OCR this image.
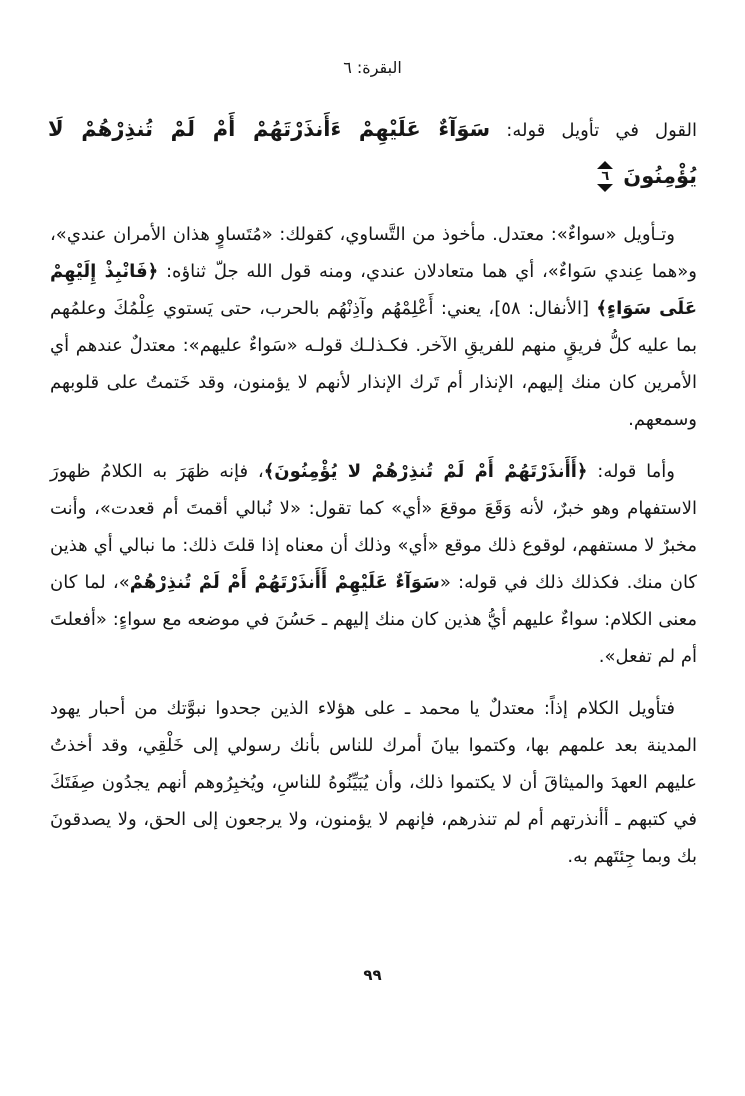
البقرة: ٦
القول في تأويل قوله: سَوَآءٌ عَلَيْهِمْ ءَأَنذَرْتَهُمْ أَمْ لَمْ تُنذِرْهُمْ لَا
يُؤْمِنُونَ
٦

وتـأويل «سواءٌ»: معتدل. مأخوذ من التَّساوي، كقولك: «مُتَساوٍ هذان الأمران عندي»، و«هما عِندي سَواءٌ»، أي هما متعادلان عندي، ومنه قول الله جلّ ثناؤه: ﴿فَانْبِذْ إِلَيْهِمْ عَلَى سَوَاءٍ﴾ [الأنفال: ٥٨]، يعني: أَعْلِمْهُم وآذِنْهُم بالحرب، حتى يَستوي عِلْمُكَ وعلمُهم بما عليه كلُّ فريقٍ منهم للفريقِ الآخر. فكـذلـك قولـه «سَواءٌ عليهم»: معتدلٌ عندهم أي الأمرين كان منك إليهم، الإنذار أم تَرك الإنذار لأنهم لا يؤمنون، وقد خَتمتُ على قلوبهم وسمعهم.

وأما قوله: ﴿أَأَنذَرْتَهُمْ أَمْ لَمْ تُنذِرْهُمْ لا يُؤْمِنُونَ﴾، فإنه ظهَرَ به الكلامُ ظهورَ الاستفهام وهو خبرٌ، لأنه وَقَعَ موقعَ «أي» كما تقول: «لا نُبالي أقمتَ أم قعدت»، وأنت مخبرٌ لا مستفهم، لوقوع ذلك موقع «أي» وذلك أن معناه إذا قلتَ ذلك: ما نبالي أي هذين كان منك. فكذلك ذلك في قوله: «سَوَآءٌ عَلَيْهِمْ أَأَنذَرْتَهُمْ أَمْ لَمْ تُنذِرْهُمْ»، لما كان معنى الكلام: سواءٌ عليهم أيُّ هذين كان منك إليهم ـ حَسُنَ في موضعه مع سواءٍ: «أفعلتَ أم لم تفعل».

فتأويل الكلام إذاً: معتدلٌ يا محمد ـ على هؤلاء الذين جحدوا نبوَّتك من أحبار يهود المدينة بعد علمهم بها، وكتموا بيانَ أمرك للناس بأنك رسولي إلى خَلْقِي، وقد أخذتُ عليهم العهدَ والميثاقَ أن لا يكتموا ذلك، وأن يُبَيِّنُوهُ للناسِ، ويُخبِرُوهم أنهم يجدُون صِفَتَكَ في كتبهم ـ أأنذرتهم أم لم تنذرهم، فإنهم لا يؤمنون، ولا يرجعون إلى الحق، ولا يصدقونَ بك وبما جِئتَهم به.

٩٩
